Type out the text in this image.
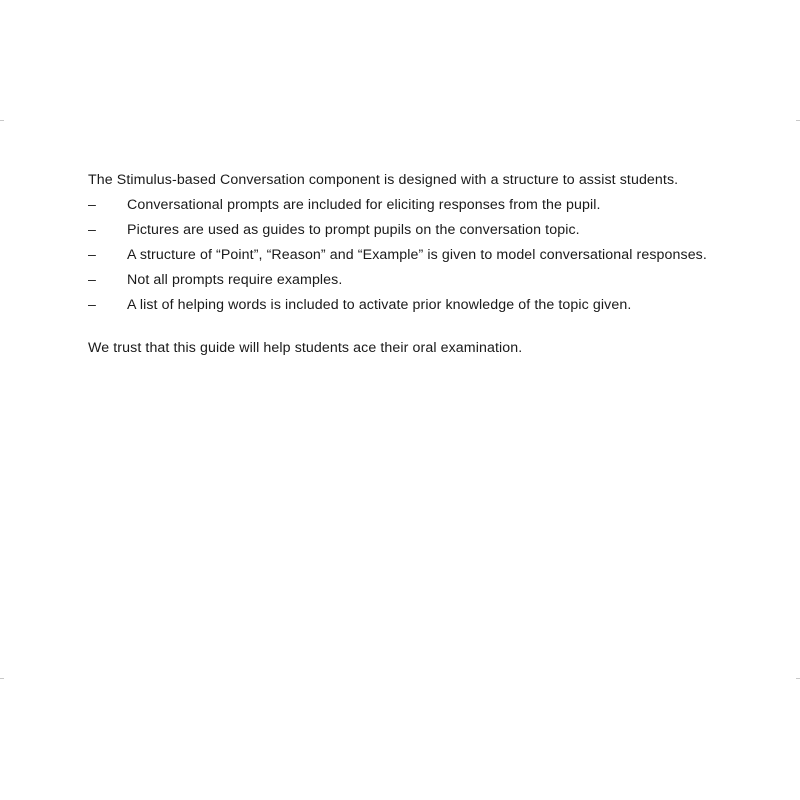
The Stimulus-based Conversation component is designed with a structure to assist students.

– Conversational prompts are included for eliciting responses from the pupil.
– Pictures are used as guides to prompt pupils on the conversation topic.
– A structure of “Point”, “Reason” and “Example” is given to model conversational responses.
– Not all prompts require examples.
– A list of helping words is included to activate prior knowledge of the topic given.

We trust that this guide will help students ace their oral examination.
